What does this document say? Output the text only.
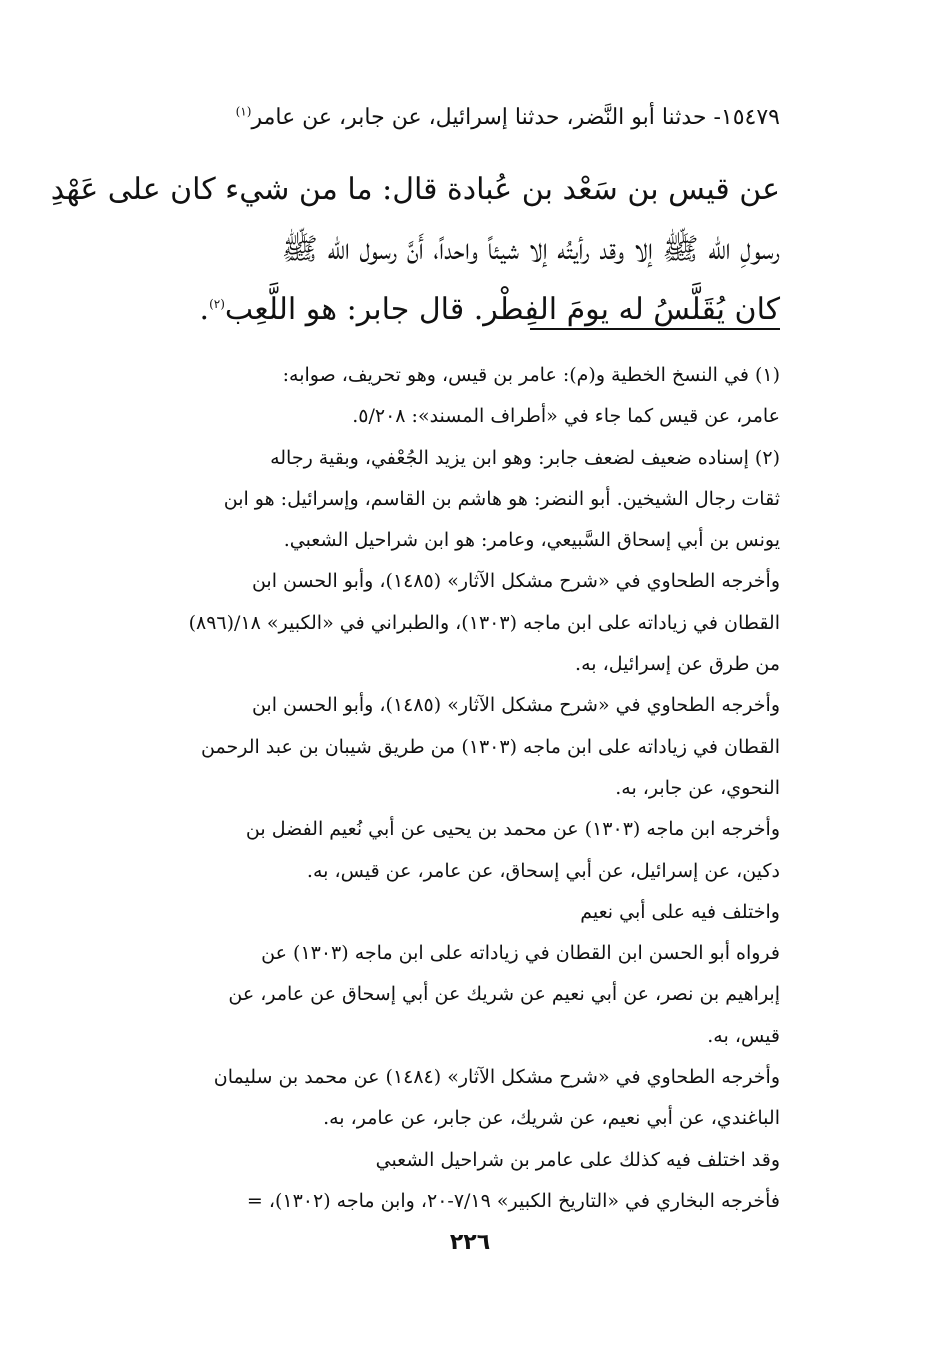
١٥٤٧٩- حدثنا أبو النَّضر، حدثنا إسرائيل، عن جابر، عن عامر$^{(١)}$

عن قيس بن سَعْد بن عُبادة قال: ما من شيء كان على عَهْدِ

رسولِ الله ﷺ إلا وقد رأيتُه إلا شيئاً واحداً، أَنَّ رسول الله ﷺ

كان يُقَلَّسُ له يومَ الفِطْر. قال جابر: هو اللَّعِب$^{(٢)}$.

(١) في النسخ الخطية و(م): عامر بن قيس، وهو تحريف، صوابه:

عامر، عن قيس كما جاء في «أطراف المسند»: ٥/٢٠٨.

(٢) إسناده ضعيف لضعف جابر: وهو ابن يزيد الجُعْفي، وبقية رجاله

ثقات رجال الشيخين. أبو النضر: هو هاشم بن القاسم، وإسرائيل: هو ابن

يونس بن أبي إسحاق السَّبيعي، وعامر: هو ابن شراحيل الشعبي.

وأخرجه الطحاوي في «شرح مشكل الآثار» (١٤٨٥)، وأبو الحسن ابن

القطان في زياداته على ابن ماجه (١٣٠٣)، والطبراني في «الكبير» ١٨/(٨٩٦)

من طرق عن إسرائيل، به.

وأخرجه الطحاوي في «شرح مشكل الآثار» (١٤٨٥)، وأبو الحسن ابن

القطان في زياداته على ابن ماجه (١٣٠٣) من طريق شيبان بن عبد الرحمن

النحوي، عن جابر، به.

وأخرجه ابن ماجه (١٣٠٣) عن محمد بن يحيى عن أبي نُعيم الفضل بن

دكين، عن إسرائيل، عن أبي إسحاق، عن عامر، عن قيس، به.

واختلف فيه على أبي نعيم

فرواه أبو الحسن ابن القطان في زياداته على ابن ماجه (١٣٠٣) عن

إبراهيم بن نصر، عن أبي نعيم عن شريك عن أبي إسحاق عن عامر، عن

قيس، به.

وأخرجه الطحاوي في «شرح مشكل الآثار» (١٤٨٤) عن محمد بن سليمان

الباغندي، عن أبي نعيم، عن شريك، عن جابر، عن عامر، به.

وقد اختلف فيه كذلك على عامر بن شراحيل الشعبي

فأخرجه البخاري في «التاريخ الكبير» ٧/١٩-٢٠، وابن ماجه (١٣٠٢)، =

٢٢٦
